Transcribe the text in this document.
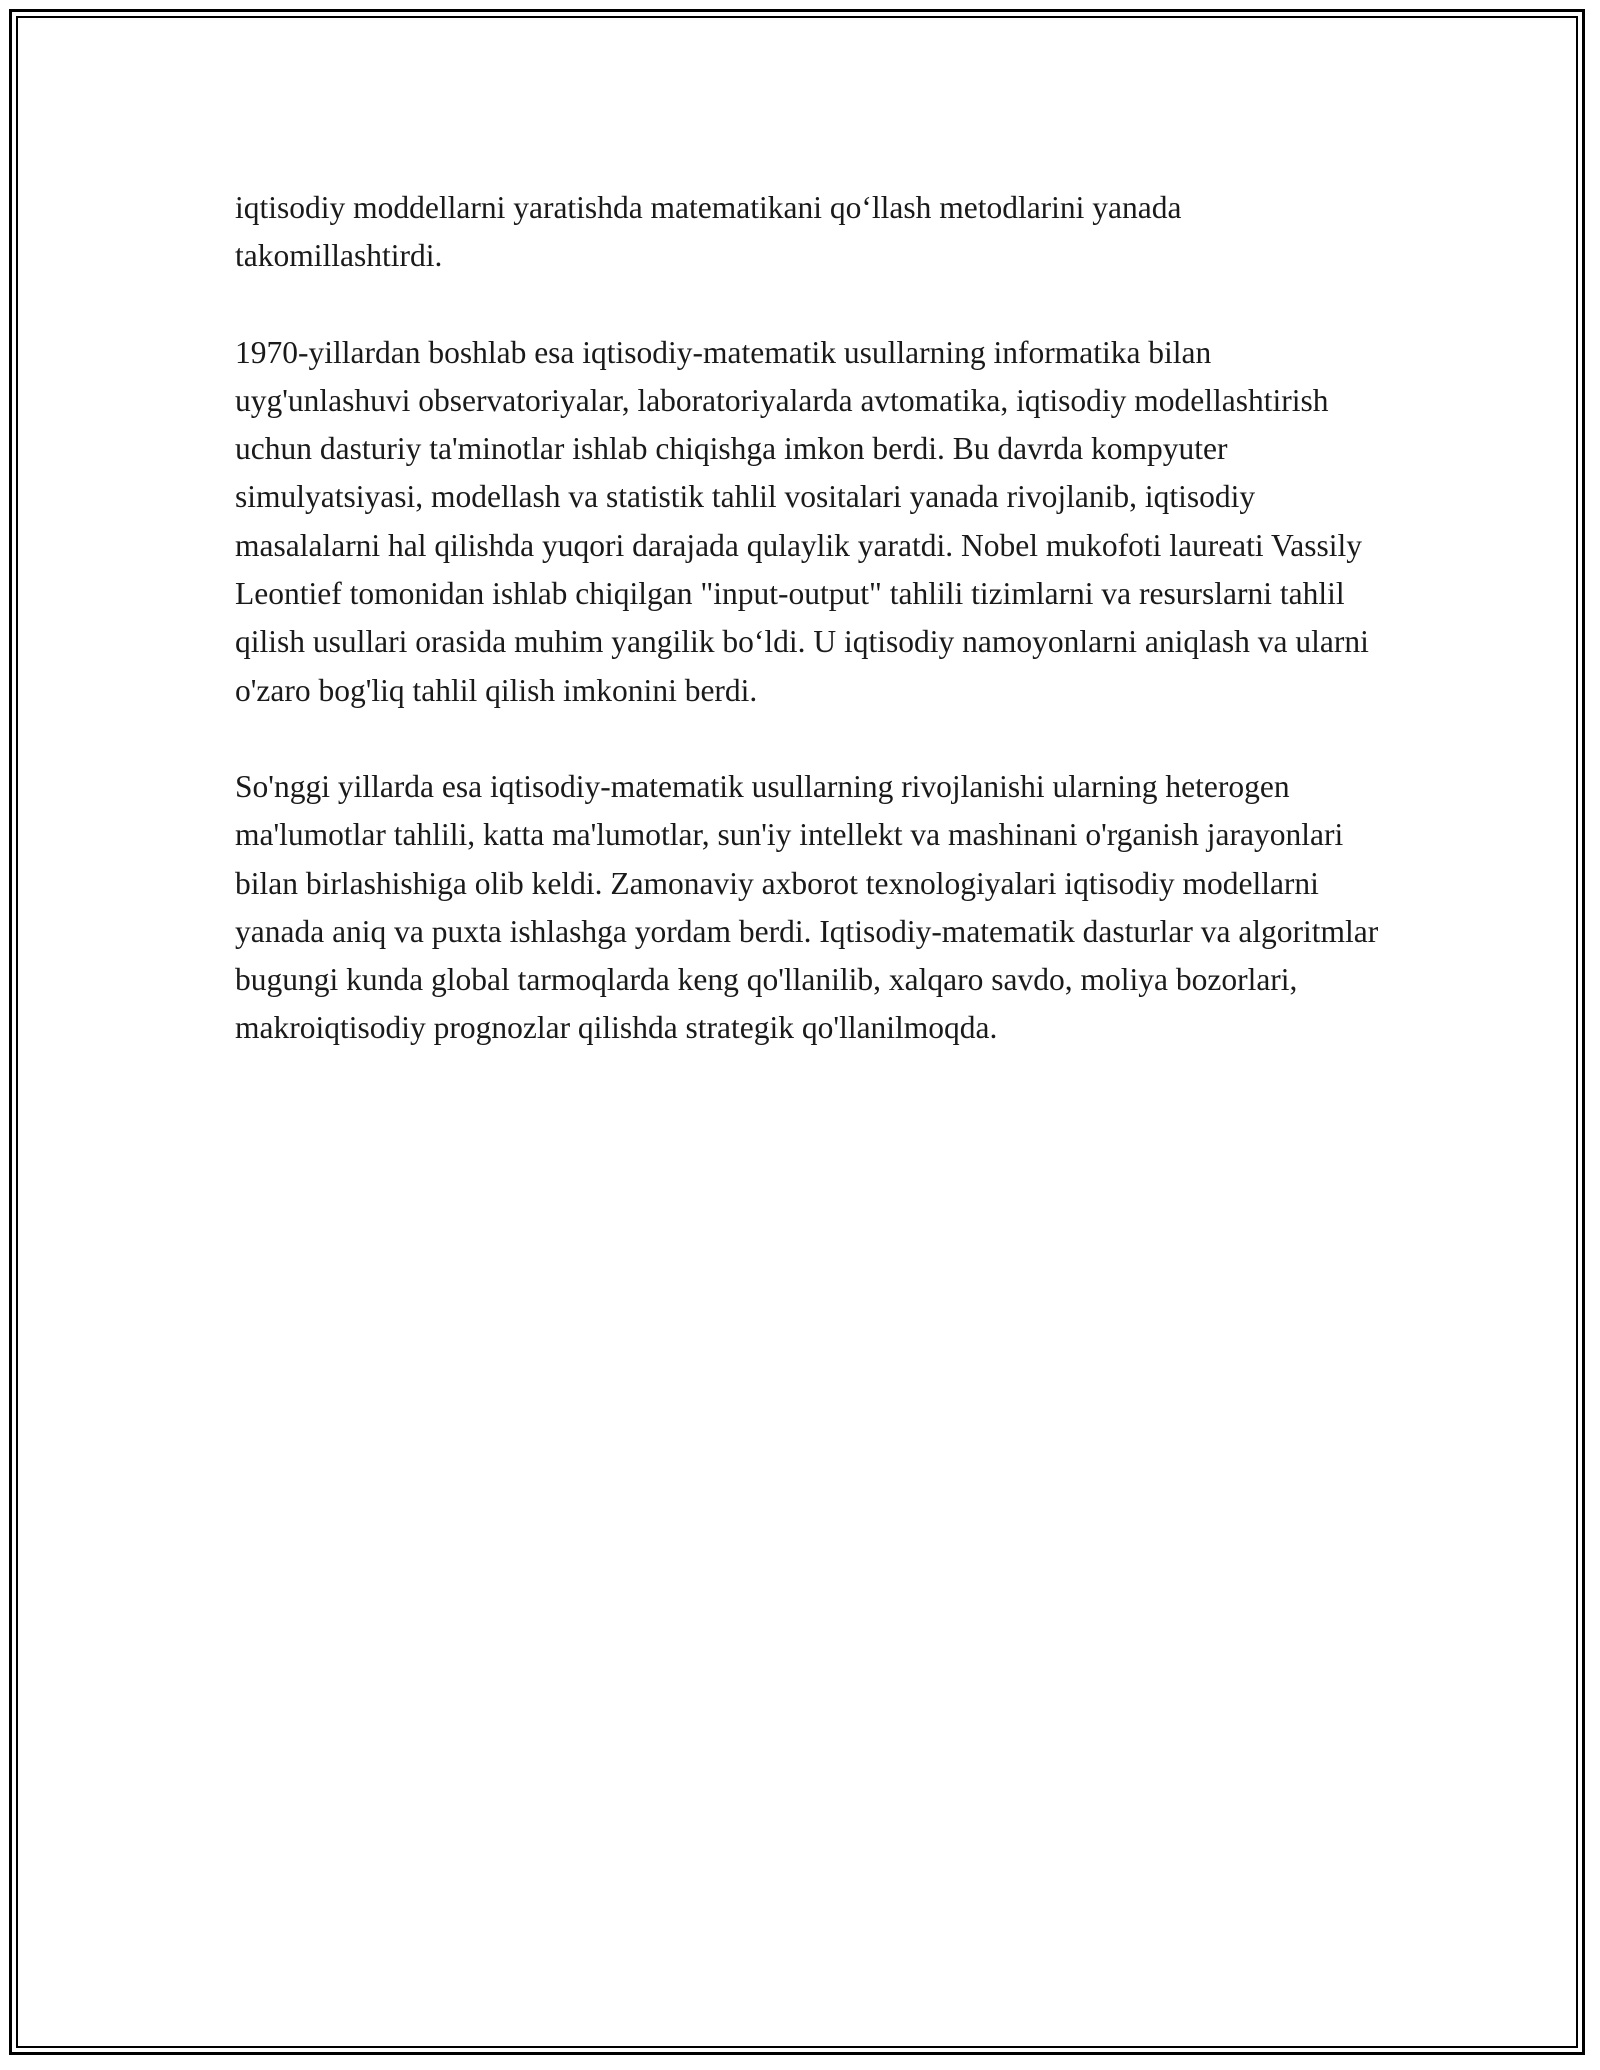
iqtisodiy moddellarni yaratishda matematikani qo‘llash metodlarini yanada takomillashtirdi.

1970-yillardan boshlab esa iqtisodiy-matematik usullarning informatika bilan uyg'unlashuvi observatoriyalar, laboratoriyalarda avtomatika, iqtisodiy modellashtirish uchun dasturiy ta'minotlar ishlab chiqishga imkon berdi. Bu davrda kompyuter simulyatsiyasi, modellash va statistik tahlil vositalari yanada rivojlanib, iqtisodiy masalalarni hal qilishda yuqori darajada qulaylik yaratdi. Nobel mukofoti laureati Vassily Leontief tomonidan ishlab chiqilgan "input-output" tahlili tizimlarni va resurslarni tahlil qilish usullari orasida muhim yangilik bo‘ldi. U iqtisodiy namoyonlarni aniqlash va ularni o'zaro bog'liq tahlil qilish imkonini berdi.

So'nggi yillarda esa iqtisodiy-matematik usullarning rivojlanishi ularning heterogen ma'lumotlar tahlili, katta ma'lumotlar, sun'iy intellekt va mashinani o'rganish jarayonlari bilan birlashishiga olib keldi. Zamonaviy axborot texnologiyalari iqtisodiy modellarni yanada aniq va puxta ishlashga yordam berdi. Iqtisodiy-matematik dasturlar va algoritmlar bugungi kunda global tarmoqlarda keng qo'llanilib, xalqaro savdo, moliya bozorlari, makroiqtisodiy prognozlar qilishda strategik qo'llanilmoqda.
